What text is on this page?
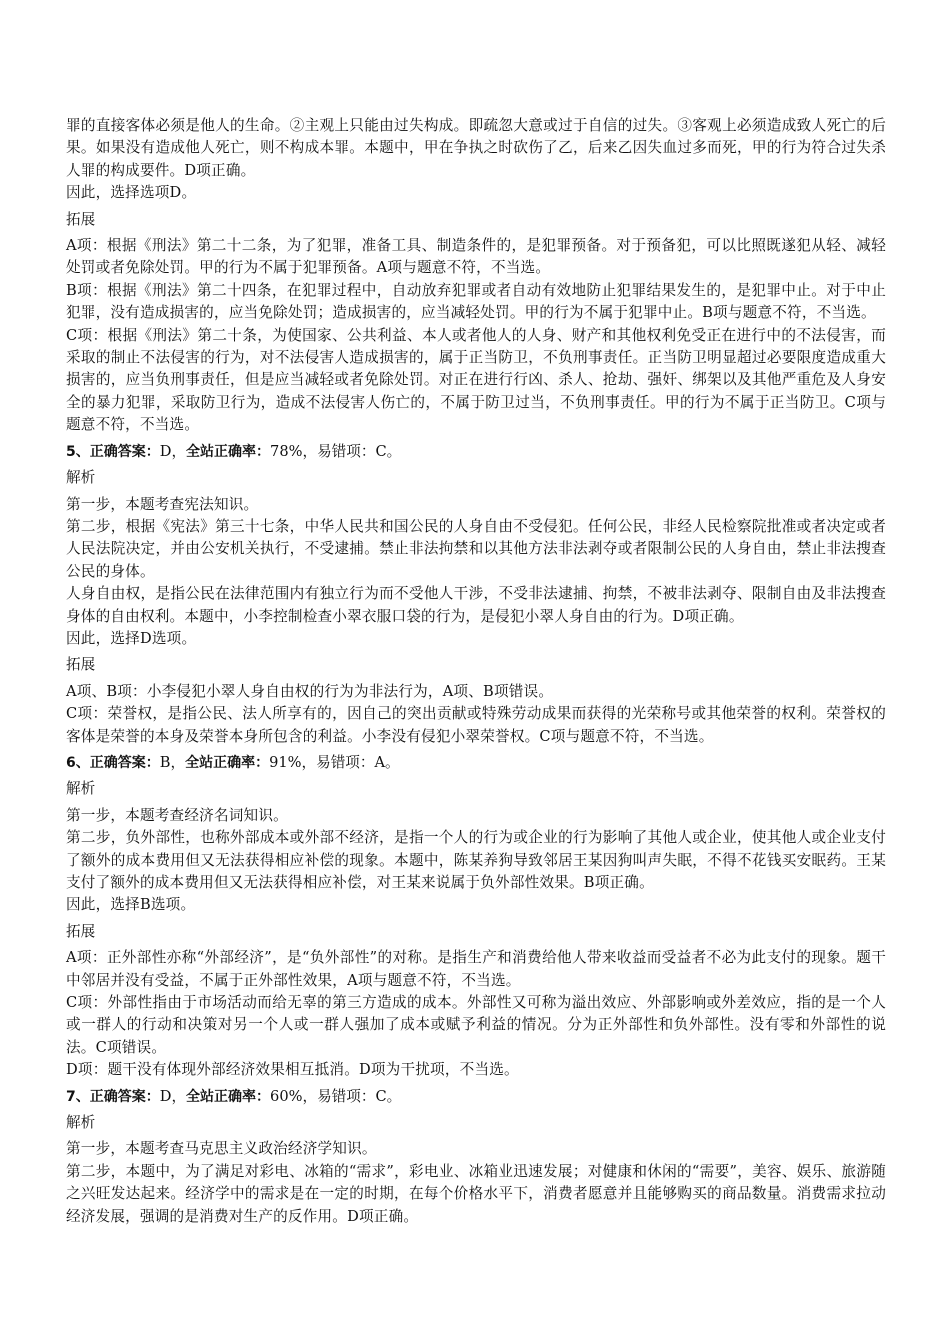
罪的直接客体必须是他人的生命。②主观上只能由过失构成。即疏忽大意或过于自信的过失。③客观上必须造成致人死亡的后果。如果没有造成他人死亡，则不构成本罪。本题中，甲在争执之时砍伤了乙，后来乙因失血过多而死，甲的行为符合过失杀人罪的构成要件。D项正确。

因此，选择选项D。

拓展

A项：根据《刑法》第二十二条，为了犯罪，准备工具、制造条件的，是犯罪预备。对于预备犯，可以比照既遂犯从轻、减轻处罚或者免除处罚。甲的行为不属于犯罪预备。A项与题意不符，不当选。

B项：根据《刑法》第二十四条，在犯罪过程中，自动放弃犯罪或者自动有效地防止犯罪结果发生的，是犯罪中止。对于中止犯罪，没有造成损害的，应当免除处罚；造成损害的，应当减轻处罚。甲的行为不属于犯罪中止。B项与题意不符，不当选。

C项：根据《刑法》第二十条，为使国家、公共利益、本人或者他人的人身、财产和其他权利免受正在进行中的不法侵害，而采取的制止不法侵害的行为，对不法侵害人造成损害的，属于正当防卫，不负刑事责任。正当防卫明显超过必要限度造成重大损害的，应当负刑事责任，但是应当减轻或者免除处罚。对正在进行行凶、杀人、抢劫、强奸、绑架以及其他严重危及人身安全的暴力犯罪，采取防卫行为，造成不法侵害人伤亡的，不属于防卫过当，不负刑事责任。甲的行为不属于正当防卫。C项与题意不符，不当选。

5、正确答案：D，全站正确率：78%，易错项：C。

解析

第一步，本题考查宪法知识。

第二步，根据《宪法》第三十七条，中华人民共和国公民的人身自由不受侵犯。任何公民，非经人民检察院批准或者决定或者人民法院决定，并由公安机关执行，不受逮捕。禁止非法拘禁和以其他方法非法剥夺或者限制公民的人身自由，禁止非法搜查公民的身体。

人身自由权，是指公民在法律范围内有独立行为而不受他人干涉，不受非法逮捕、拘禁，不被非法剥夺、限制自由及非法搜查身体的自由权利。本题中，小李控制检查小翠衣服口袋的行为，是侵犯小翠人身自由的行为。D项正确。

因此，选择D选项。

拓展

A项、B项：小李侵犯小翠人身自由权的行为为非法行为，A项、B项错误。

C项：荣誉权，是指公民、法人所享有的，因自己的突出贡献或特殊劳动成果而获得的光荣称号或其他荣誉的权利。荣誉权的客体是荣誉的本身及荣誉本身所包含的利益。小李没有侵犯小翠荣誉权。C项与题意不符，不当选。

6、正确答案：B，全站正确率：91%，易错项：A。

解析

第一步，本题考查经济名词知识。

第二步，负外部性，也称外部成本或外部不经济，是指一个人的行为或企业的行为影响了其他人或企业，使其他人或企业支付了额外的成本费用但又无法获得相应补偿的现象。本题中，陈某养狗导致邻居王某因狗叫声失眠，不得不花钱买安眠药。王某支付了额外的成本费用但又无法获得相应补偿，对王某来说属于负外部性效果。B项正确。

因此，选择B选项。

拓展

A项：正外部性亦称“外部经济”，是“负外部性”的对称。是指生产和消费给他人带来收益而受益者不必为此支付的现象。题干中邻居并没有受益，不属于正外部性效果，A项与题意不符，不当选。

C项：外部性指由于市场活动而给无辜的第三方造成的成本。外部性又可称为溢出效应、外部影响或外差效应，指的是一个人或一群人的行动和决策对另一个人或一群人强加了成本或赋予利益的情况。分为正外部性和负外部性。没有零和外部性的说法。C项错误。

D项：题干没有体现外部经济效果相互抵消。D项为干扰项，不当选。

7、正确答案：D，全站正确率：60%，易错项：C。

解析

第一步，本题考查马克思主义政治经济学知识。

第二步，本题中，为了满足对彩电、冰箱的“需求”，彩电业、冰箱业迅速发展；对健康和休闲的“需要”，美容、娱乐、旅游随之兴旺发达起来。经济学中的需求是在一定的时期，在每个价格水平下，消费者愿意并且能够购买的商品数量。消费需求拉动经济发展，强调的是消费对生产的反作用。D项正确。
